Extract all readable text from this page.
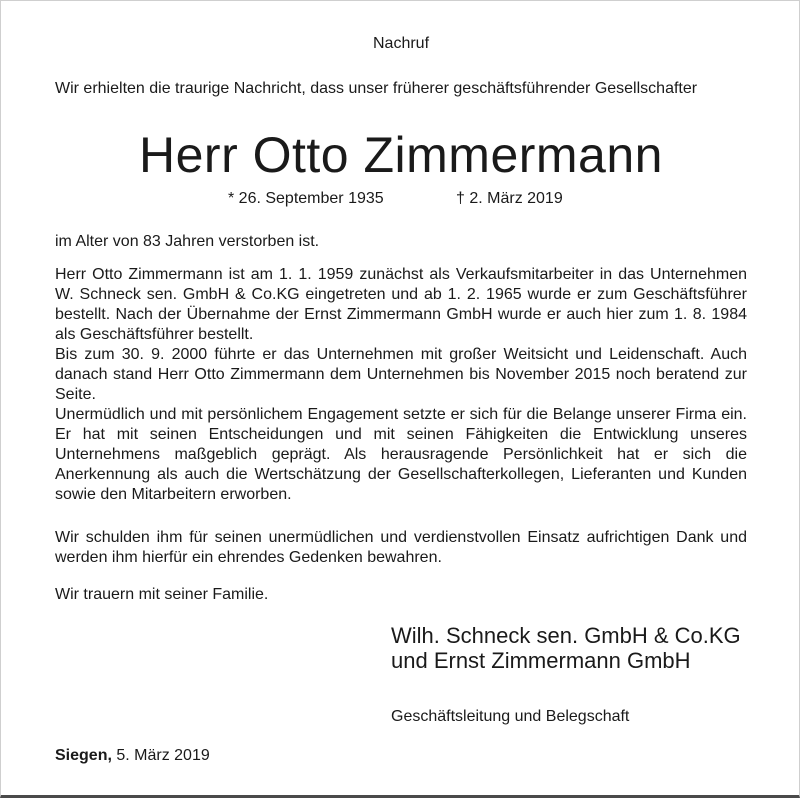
Nachruf
Wir erhielten die traurige Nachricht, dass unser früherer geschäftsführender Gesellschafter
Herr Otto Zimmermann
* 26. September 1935	† 2. März 2019
im Alter von 83 Jahren verstorben ist.

Herr Otto Zimmermann ist am 1. 1. 1959 zunächst als Verkaufsmitarbeiter in das Unternehmen W. Schneck sen. GmbH & Co.KG eingetreten und ab 1. 2. 1965 wurde er zum Geschäftsführer bestellt. Nach der Übernahme der Ernst Zimmermann GmbH wurde er auch hier zum 1. 8. 1984 als Geschäftsführer bestellt.

Bis zum 30. 9. 2000 führte er das Unternehmen mit großer Weitsicht und Leidenschaft. Auch danach stand Herr Otto Zimmermann dem Unternehmen bis November 2015 noch beratend zur Seite.

Unermüdlich und mit persönlichem Engagement setzte er sich für die Belange unserer Firma ein. Er hat mit seinen Entscheidungen und mit seinen Fähigkeiten die Entwicklung unseres Unternehmens maßgeblich geprägt. Als herausragende Persönlichkeit hat er sich die Anerkennung als auch die Wertschätzung der Gesellschafterkollegen, Lieferanten und Kunden sowie den Mitarbeitern erworben.

Wir schulden ihm für seinen unermüdlichen und verdienstvollen Einsatz aufrichtigen Dank und werden ihm hierfür ein ehrendes Gedenken bewahren.
Wir trauern mit seiner Familie.
Wilh. Schneck sen. GmbH & Co.KG und Ernst Zimmermann GmbH
Geschäftsleitung und Belegschaft
Siegen, 5. März 2019
